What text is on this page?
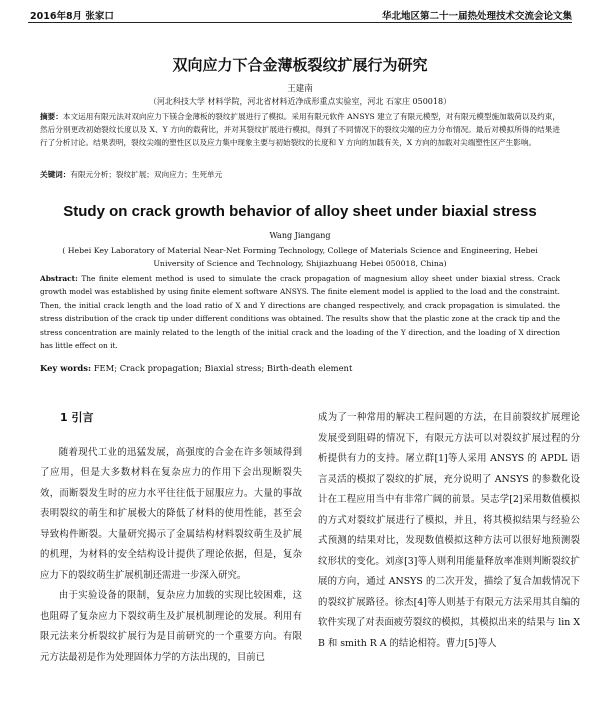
2016年8月 张家口	华北地区第二十一届热处理技术交流会论文集
双向应力下合金薄板裂纹扩展行为研究
王建南
（河北科技大学 材料学院，河北省材料近净成形重点实验室，河北 石家庄 050018）
摘要：本文运用有限元法对双向应力下镁合金薄板的裂纹扩展进行了模拟。采用有限元软件 ANSYS 建立了有限元模型，对有限元模型施加载荷以及约束，然后分别更改初始裂纹长度以及 X、Y 方向的载荷比，并对其裂纹扩展进行模拟，得到了不同情况下的裂纹尖端的应力分布情况。最后对模拟所得的结果进行了分析讨论。结果表明，裂纹尖端的塑性区以及应力集中现象主要与初始裂纹的长度和 Y 方向的加载有关，X 方向的加载对尖端塑性区产生影响。
关键词：有限元分析；裂纹扩展；双向应力；生死单元
Study on crack growth behavior of alloy sheet under biaxial stress
Wang Jiangang
( Hebei Key Laboratory of Material Near-Net Forming Technology, College of Materials Science and Engineering, Hebei University of Science and Technology, Shijiazhuang Hebei 050018, China)
Abstract: The finite element method is used to simulate the crack propagation of magnesium alloy sheet under biaxial stress. Crack growth model was established by using finite element software ANSYS. The finite element model is applied to the load and the constraint. Then, the initial crack length and the load ratio of X and Y directions are changed respectively, and crack propagation is simulated. the stress distribution of the crack tip under different conditions was obtained. The results show that the plastic zone at the crack tip and the stress concentration are mainly related to the length of the initial crack and the loading of the Y direction, and the loading of X direction has little effect on it.
Key words: FEM; Crack propagation; Biaxial stress; Birth-death element
1 引言

随着现代工业的迅猛发展，高强度的合金在许多领域得到了应用，但是大多数材料在复杂应力的作用下会出现断裂失效，而断裂发生时的应力水平往往低于屈服应力。大量的事故表明裂纹的萌生和扩展极大的降低了材料的使用性能，甚至会导致构件断裂。大量研究揭示了金属结构材料裂纹萌生及扩展的机理，为材料的安全结构设计提供了理论依据，但是，复杂应力下的裂纹萌生扩展机制还需进一步深入研究。

由于实验设备的限制，复杂应力加载的实现比较困难，这也阻碍了复杂应力下裂纹萌生及扩展机制理论的发展。利用有限元法来分析裂纹扩展行为是目前研究的一个重要方向。有限元方法最初是作为处理固体力学的方法出现的，目前已

成为了一种常用的解决工程问题的方法，在目前裂纹扩展理论发展受到阻碍的情况下，有限元方法可以对裂纹扩展过程的分析提供有力的支持。屠立群[1]等人采用 ANSYS 的 APDL 语言灵活的模拟了裂纹的扩展，充分说明了 ANSYS 的参数化设计在工程应用当中有非常广阔的前景。吴志学[2]采用数值模拟的方式对裂纹扩展进行了模拟，并且，将其模拟结果与经验公式预测的结果对比，发现数值模拟这种方法可以很好地预测裂纹形状的变化。刘彦[3]等人则利用能量释放率准则判断裂纹扩展的方向，通过 ANSYS 的二次开发，描绘了复合加载情况下的裂纹扩展路径。徐杰[4]等人则基于有限元方法采用其自编的软件实现了对表面疲劳裂纹的模拟，其模拟出来的结果与 lin X B 和 smith R A 的结论相符。曹力[5]等人
